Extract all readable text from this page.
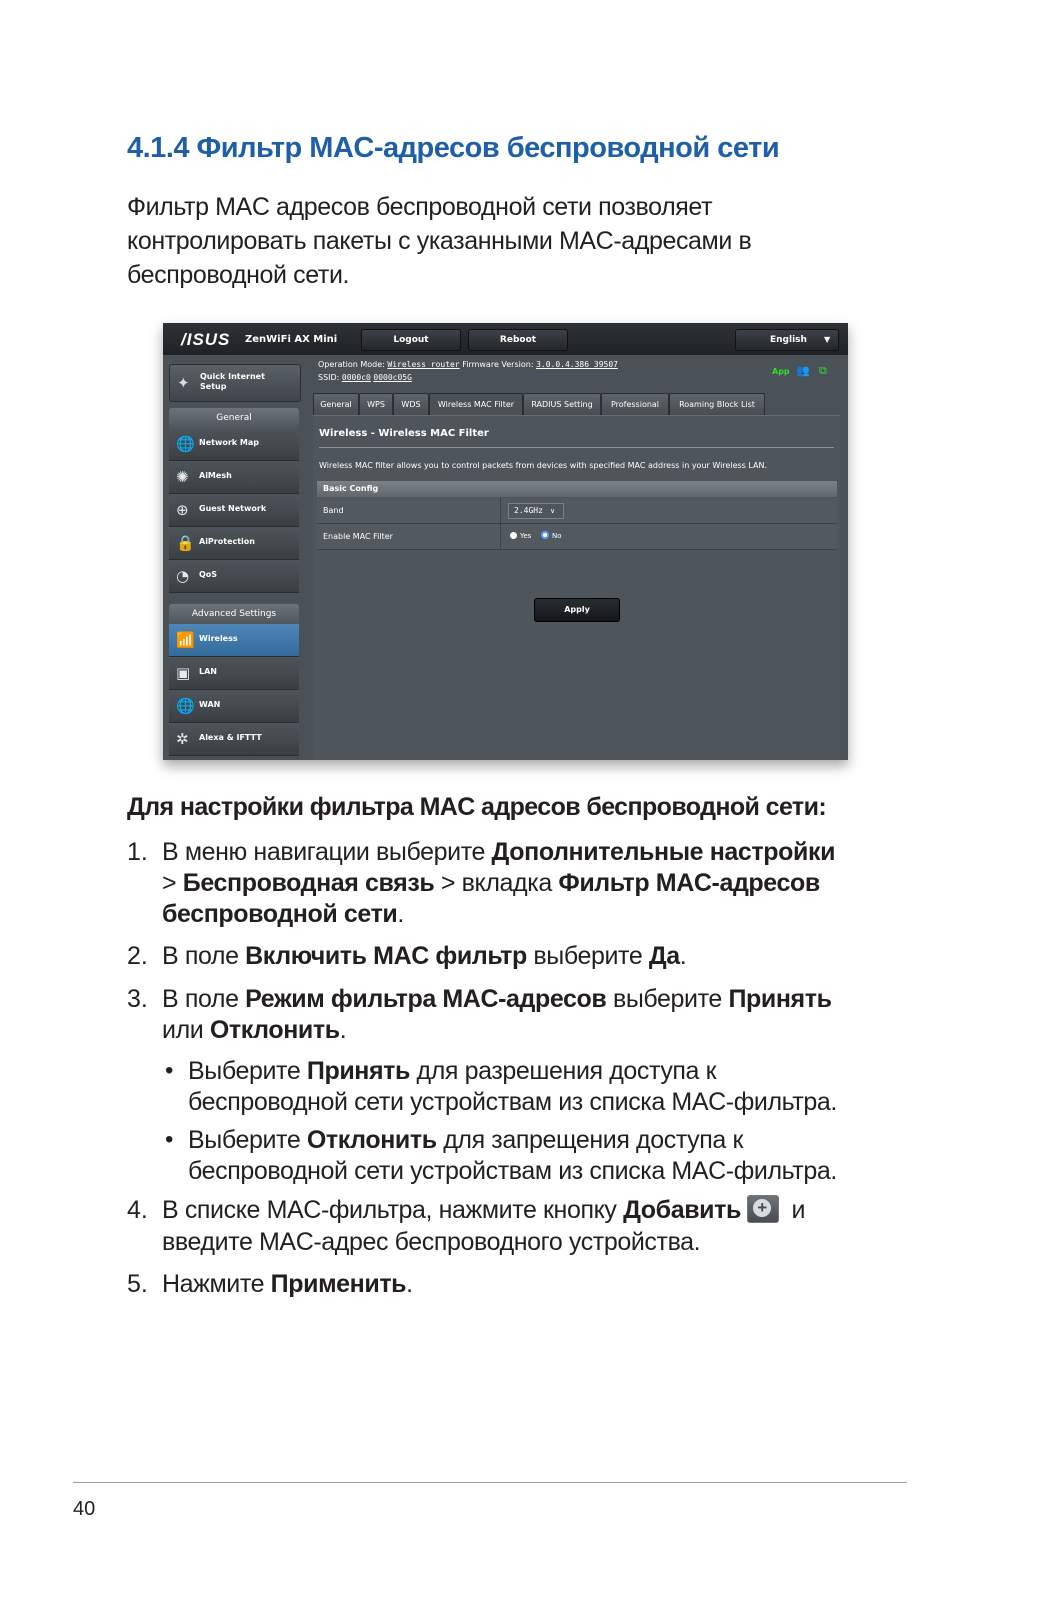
4.1.4 Фильтр MAC-адресов беспроводной сети

Фильтр MAC адресов беспроводной сети позволяет контролировать пакеты с указанными MAC-адресами в беспроводной сети.

/ISUS ZenWiFi AX Mini	Logout	Reboot	English ▼
✦ Quick Internet Setup
General
🌐 Network Map
✺ AiMesh
⊕ Guest Network
🔒 AiProtection
◔ QoS
Advanced Settings
📶 Wireless
▣ LAN
🌐 WAN
✲ Alexa & IFTTT
Operation Mode: Wireless router Firmware Version: 3.0.0.4.386_39507
SSID: 0000c0 0000c05G
App 👥 ⧉
General	WPS	WDS	Wireless MAC Filter	RADIUS Setting	Professional	Roaming Block List
Wireless - Wireless MAC Filter
Wireless MAC filter allows you to control packets from devices with specified MAC address in your Wireless LAN.
Basic Config
Band	2.4GHz ∨
Enable MAC Filter	Yes	No
Apply
Для настройки фильтра MAC адресов беспроводной сети:
1. В меню навигации выберите Дополнительные настройки

> Беспроводная связь > вкладка Фильтр MAC-адресов

беспроводной сети.

2. В поле Включить MAC фильтр выберите Да.

3. В поле Режим фильтра MAC-адресов выберите Принять

или Отклонить.

• Выберите Принять для разрешения доступа к

беспроводной сети устройствам из списка MAC-фильтра.

• Выберите Отклонить для запрещения доступа к

беспроводной сети устройствам из списка MAC-фильтра.

4. В списке MAC-фильтра, нажмите кнопку Добавить + и

введите MAC-адрес беспроводного устройства.

5. Нажмите Применить.

40
